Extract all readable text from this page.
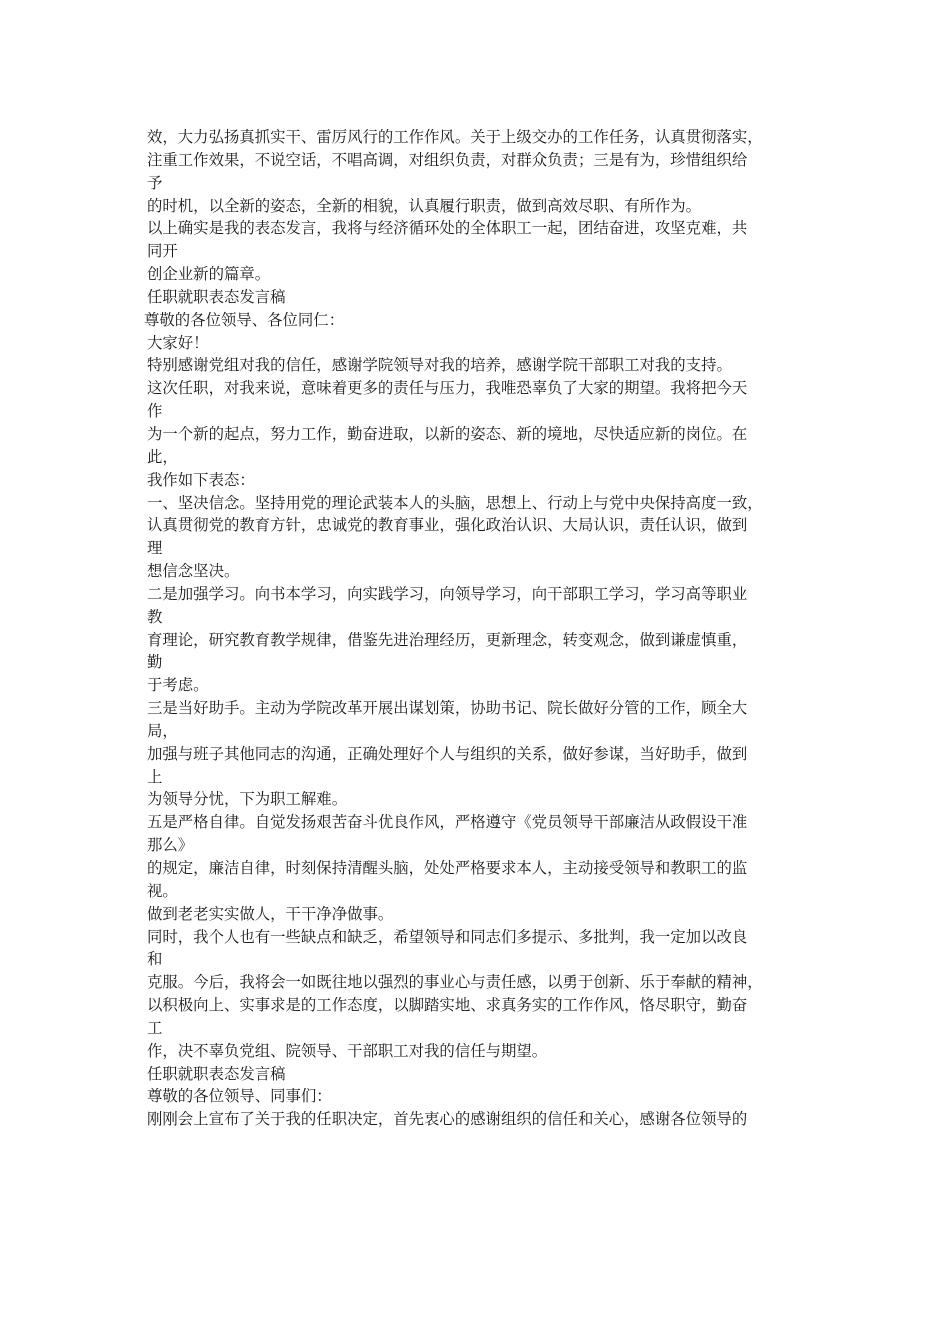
效，大力弘扬真抓实干、雷厉风行的工作作风。关于上级交办的工作任务，认真贯彻落实，
注重工作效果，不说空话，不唱高调，对组织负责，对群众负责；三是有为，珍惜组织给
予
的时机，以全新的姿态，全新的相貌，认真履行职责，做到高效尽职、有所作为。
以上确实是我的表态发言，我将与经济循环处的全体职工一起，团结奋进，攻坚克难，共
同开
创企业新的篇章。
任职就职表态发言稿
尊敬的各位领导、各位同仁：
大家好！
特别感谢党组对我的信任，感谢学院领导对我的培养，感谢学院干部职工对我的支持。
这次任职，对我来说，意味着更多的责任与压力，我唯恐辜负了大家的期望。我将把今天
作
为一个新的起点，努力工作，勤奋进取，以新的姿态、新的境地，尽快适应新的岗位。在
此，
我作如下表态：
一、坚决信念。坚持用党的理论武装本人的头脑，思想上、行动上与党中央保持高度一致，
认真贯彻党的教育方针，忠诚党的教育事业，强化政治认识、大局认识，责任认识，做到
理
想信念坚决。
二是加强学习。向书本学习，向实践学习，向领导学习，向干部职工学习，学习高等职业
教
育理论，研究教育教学规律，借鉴先进治理经历，更新理念，转变观念，做到谦虚慎重，
勤
于考虑。
三是当好助手。主动为学院改革开展出谋划策，协助书记、院长做好分管的工作，顾全大
局，
加强与班子其他同志的沟通，正确处理好个人与组织的关系，做好参谋，当好助手，做到
上
为领导分忧，下为职工解难。
五是严格自律。自觉发扬艰苦奋斗优良作风，严格遵守《党员领导干部廉洁从政假设干准
那么》
的规定，廉洁自律，时刻保持清醒头脑，处处严格要求本人，主动接受领导和教职工的监
视。
做到老老实实做人，干干净净做事。
同时，我个人也有一些缺点和缺乏，希望领导和同志们多提示、多批判，我一定加以改良
和
克服。今后，我将会一如既往地以强烈的事业心与责任感，以勇于创新、乐于奉献的精神，
以积极向上、实事求是的工作态度，以脚踏实地、求真务实的工作作风，恪尽职守，勤奋
工
作，决不辜负党组、院领导、干部职工对我的信任与期望。
任职就职表态发言稿
尊敬的各位领导、同事们：
刚刚会上宣布了关于我的任职决定，首先衷心的感谢组织的信任和关心，感谢各位领导的
